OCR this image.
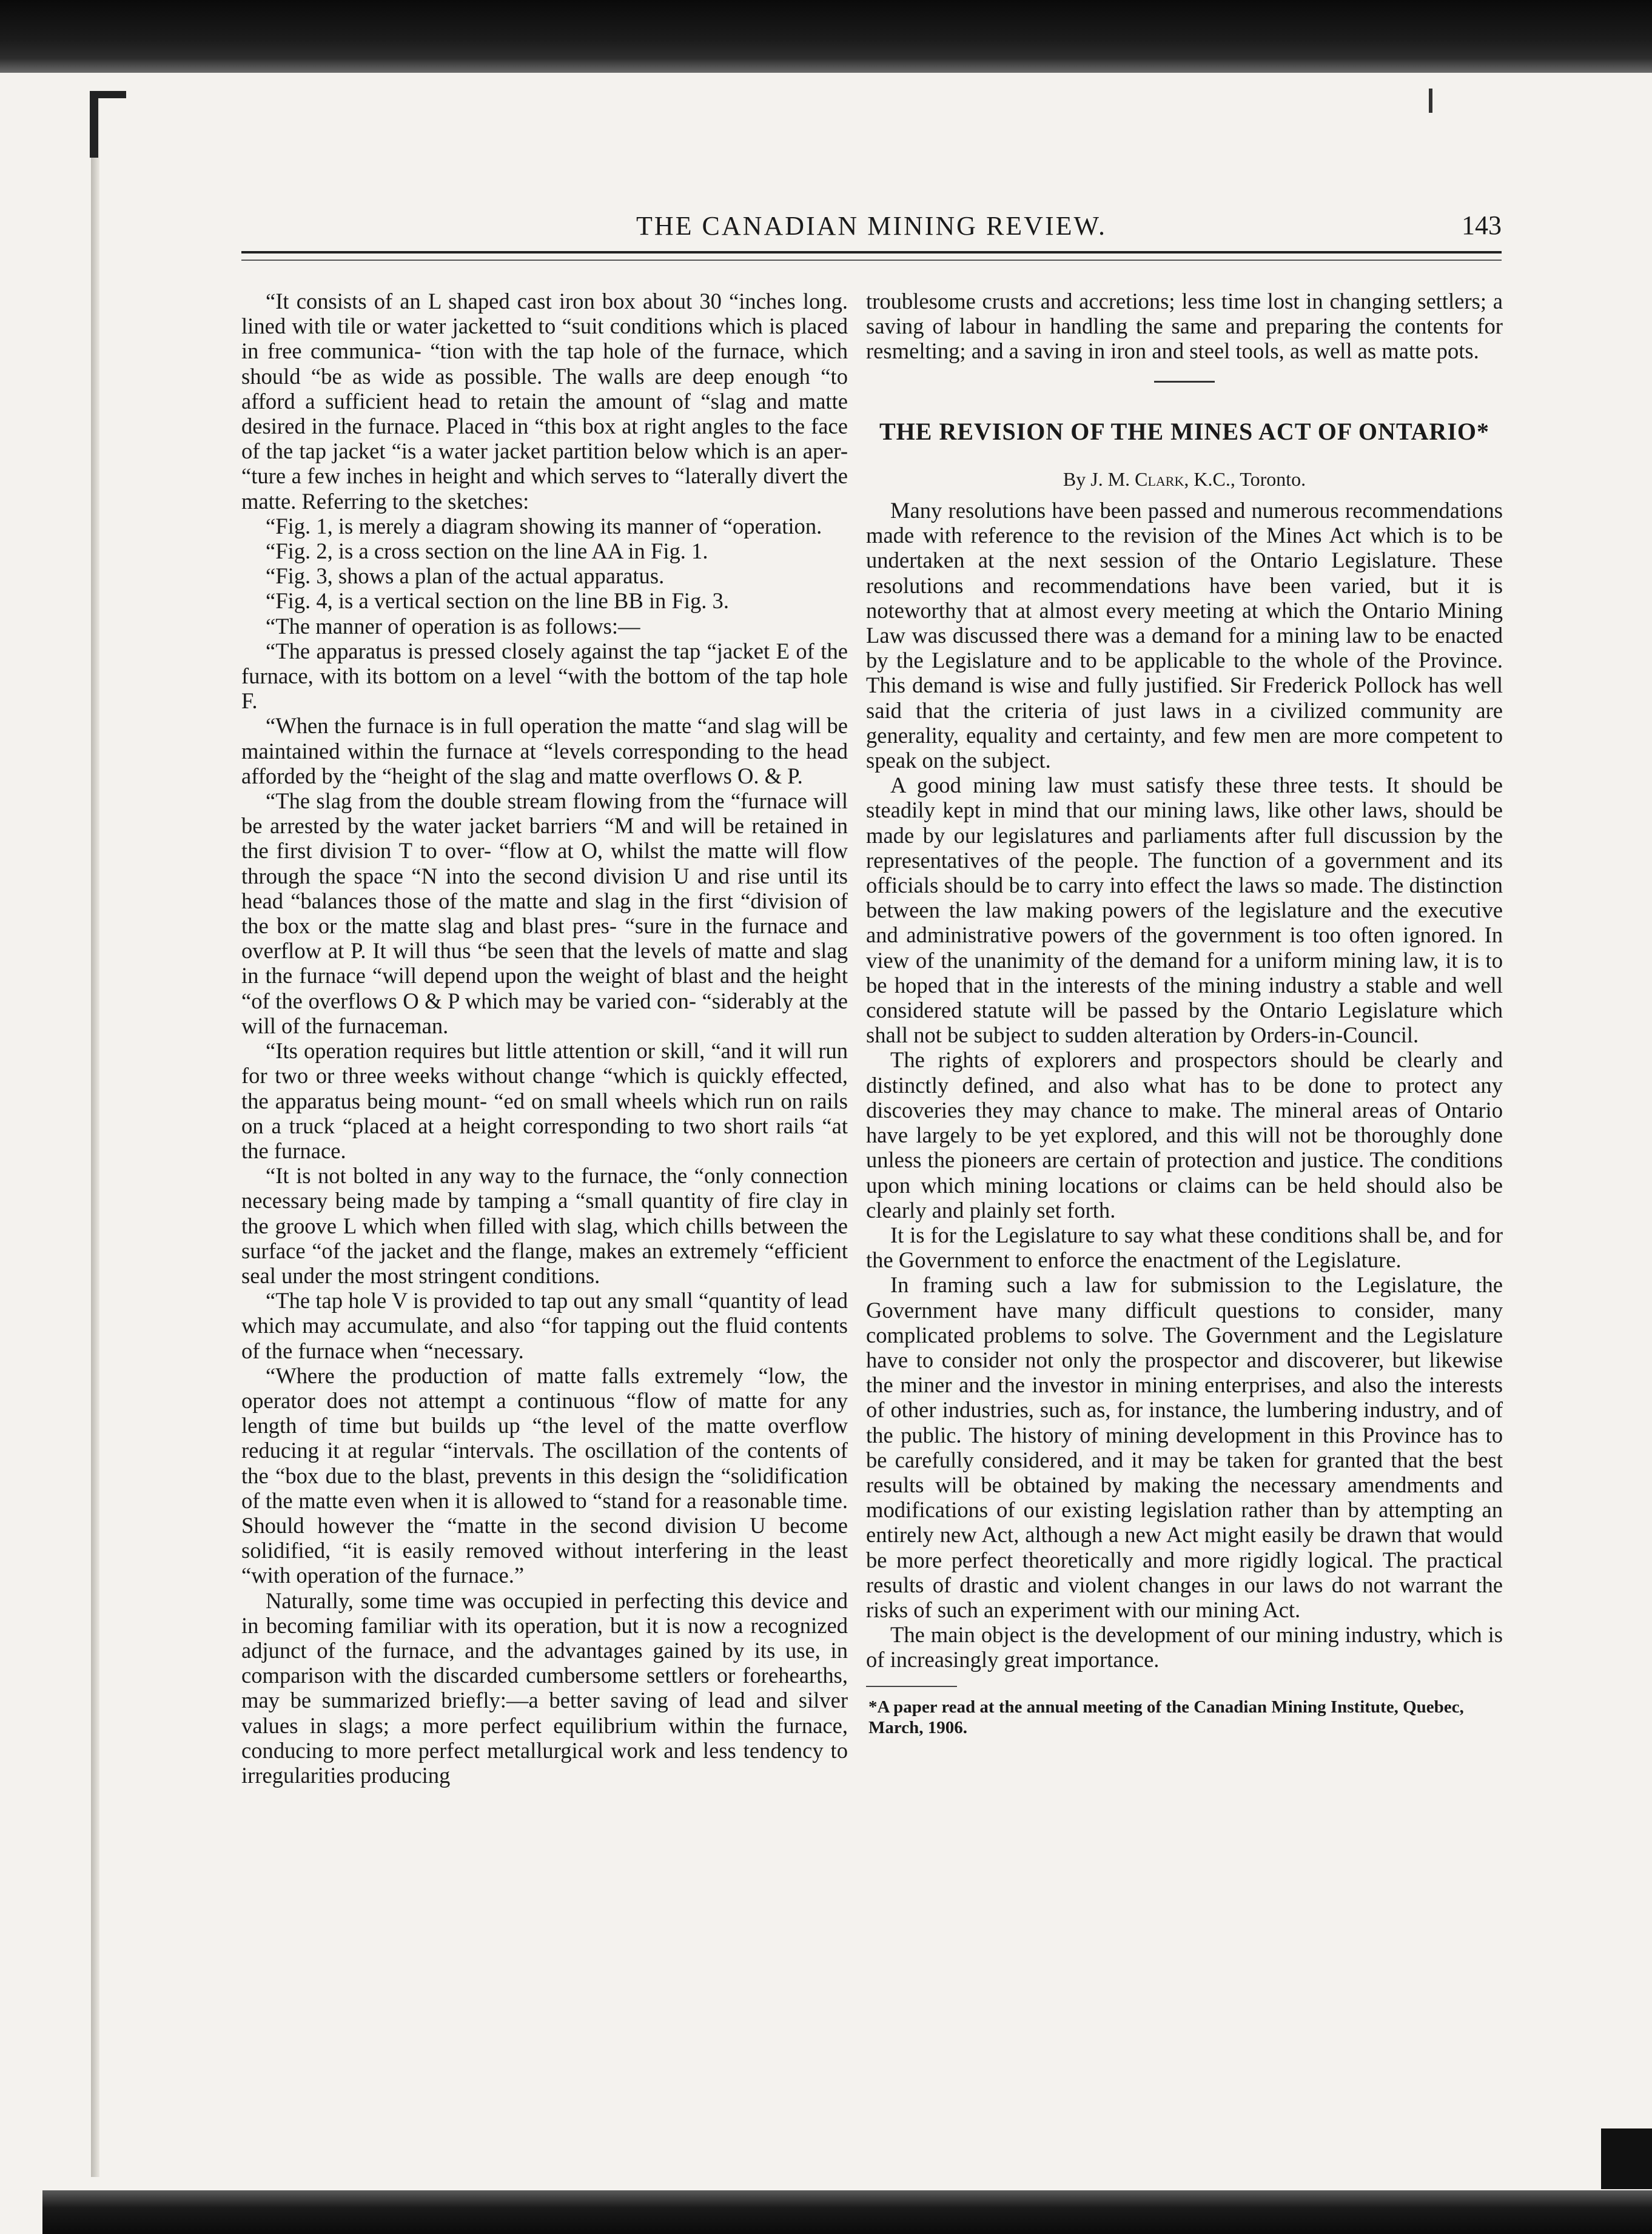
THE CANADIAN MINING REVIEW.	143

“It consists of an L shaped cast iron box about 30 “inches long. lined with tile or water jacketted to “suit conditions which is placed in free communica- “tion with the tap hole of the furnace, which should “be as wide as possible. The walls are deep enough “to afford a sufficient head to retain the amount of “slag and matte desired in the furnace. Placed in “this box at right angles to the face of the tap jacket “is a water jacket partition below which is an aper- “ture a few inches in height and which serves to “laterally divert the matte. Referring to the sketches:

“Fig. 1, is merely a diagram showing its manner of “operation.

“Fig. 2, is a cross section on the line AA in Fig. 1.

“Fig. 3, shows a plan of the actual apparatus.

“Fig. 4, is a vertical section on the line BB in Fig. 3.

“The manner of operation is as follows:—

“The apparatus is pressed closely against the tap “jacket E of the furnace, with its bottom on a level “with the bottom of the tap hole F.

“When the furnace is in full operation the matte “and slag will be maintained within the furnace at “levels corresponding to the head afforded by the “height of the slag and matte overflows O. & P.

“The slag from the double stream flowing from the “furnace will be arrested by the water jacket barriers “M and will be retained in the first division T to over- “flow at O, whilst the matte will flow through the space “N into the second division U and rise until its head “balances those of the matte and slag in the first “division of the box or the matte slag and blast pres- “sure in the furnace and overflow at P. It will thus “be seen that the levels of matte and slag in the furnace “will depend upon the weight of blast and the height “of the overflows O & P which may be varied con- “siderably at the will of the furnaceman.

“Its operation requires but little attention or skill, “and it will run for two or three weeks without change “which is quickly effected, the apparatus being mount- “ed on small wheels which run on rails on a truck “placed at a height corresponding to two short rails “at the furnace.

“It is not bolted in any way to the furnace, the “only connection necessary being made by tamping a “small quantity of fire clay in the groove L which when filled with slag, which chills between the surface “of the jacket and the flange, makes an extremely “efficient seal under the most stringent conditions.

“The tap hole V is provided to tap out any small “quantity of lead which may accumulate, and also “for tapping out the fluid contents of the furnace when “necessary.

“Where the production of matte falls extremely “low, the operator does not attempt a continuous “flow of matte for any length of time but builds up “the level of the matte overflow reducing it at regular “intervals. The oscillation of the contents of the “box due to the blast, prevents in this design the “solidification of the matte even when it is allowed to “stand for a reasonable time. Should however the “matte in the second division U become solidified, “it is easily removed without interfering in the least “with operation of the furnace.”

Naturally, some time was occupied in perfecting this device and in becoming familiar with its operation, but it is now a recognized adjunct of the furnace, and the advantages gained by its use, in comparison with the discarded cumbersome settlers or forehearths, may be summarized briefly:—a better saving of lead and silver values in slags; a more perfect equilibrium within the furnace, conducing to more perfect metallurgical work and less tendency to irregularities producing

troublesome crusts and accretions; less time lost in changing settlers; a saving of labour in handling the same and preparing the contents for resmelting; and a saving in iron and steel tools, as well as matte pots.

THE REVISION OF THE MINES ACT OF ONTARIO*
By J. M. Clark, K.C., Toronto.

Many resolutions have been passed and numerous recommendations made with reference to the revision of the Mines Act which is to be undertaken at the next session of the Ontario Legislature. These resolutions and recommendations have been varied, but it is noteworthy that at almost every meeting at which the Ontario Mining Law was discussed there was a demand for a mining law to be enacted by the Legislature and to be applicable to the whole of the Province. This demand is wise and fully justified. Sir Frederick Pollock has well said that the criteria of just laws in a civilized community are generality, equality and certainty, and few men are more competent to speak on the subject.

A good mining law must satisfy these three tests. It should be steadily kept in mind that our mining laws, like other laws, should be made by our legislatures and parliaments after full discussion by the representatives of the people. The function of a government and its officials should be to carry into effect the laws so made. The distinction between the law making powers of the legislature and the executive and administrative powers of the government is too often ignored. In view of the unanimity of the demand for a uniform mining law, it is to be hoped that in the interests of the mining industry a stable and well considered statute will be passed by the Ontario Legislature which shall not be subject to sudden alteration by Orders-in-Council.

The rights of explorers and prospectors should be clearly and distinctly defined, and also what has to be done to protect any discoveries they may chance to make. The mineral areas of Ontario have largely to be yet explored, and this will not be thoroughly done unless the pioneers are certain of protection and justice. The conditions upon which mining locations or claims can be held should also be clearly and plainly set forth.

It is for the Legislature to say what these conditions shall be, and for the Government to enforce the enactment of the Legislature.

In framing such a law for submission to the Legislature, the Government have many difficult questions to consider, many complicated problems to solve. The Government and the Legislature have to consider not only the prospector and discoverer, but likewise the miner and the investor in mining enterprises, and also the interests of other industries, such as, for instance, the lumbering industry, and of the public. The history of mining development in this Province has to be carefully considered, and it may be taken for granted that the best results will be obtained by making the necessary amendments and modifications of our existing legislation rather than by attempting an entirely new Act, although a new Act might easily be drawn that would be more perfect theoretically and more rigidly logical. The practical results of drastic and violent changes in our laws do not warrant the risks of such an experiment with our mining Act.

The main object is the development of our mining industry, which is of increasingly great importance.

*A paper read at the annual meeting of the Canadian Mining Institute, Quebec, March, 1906.
